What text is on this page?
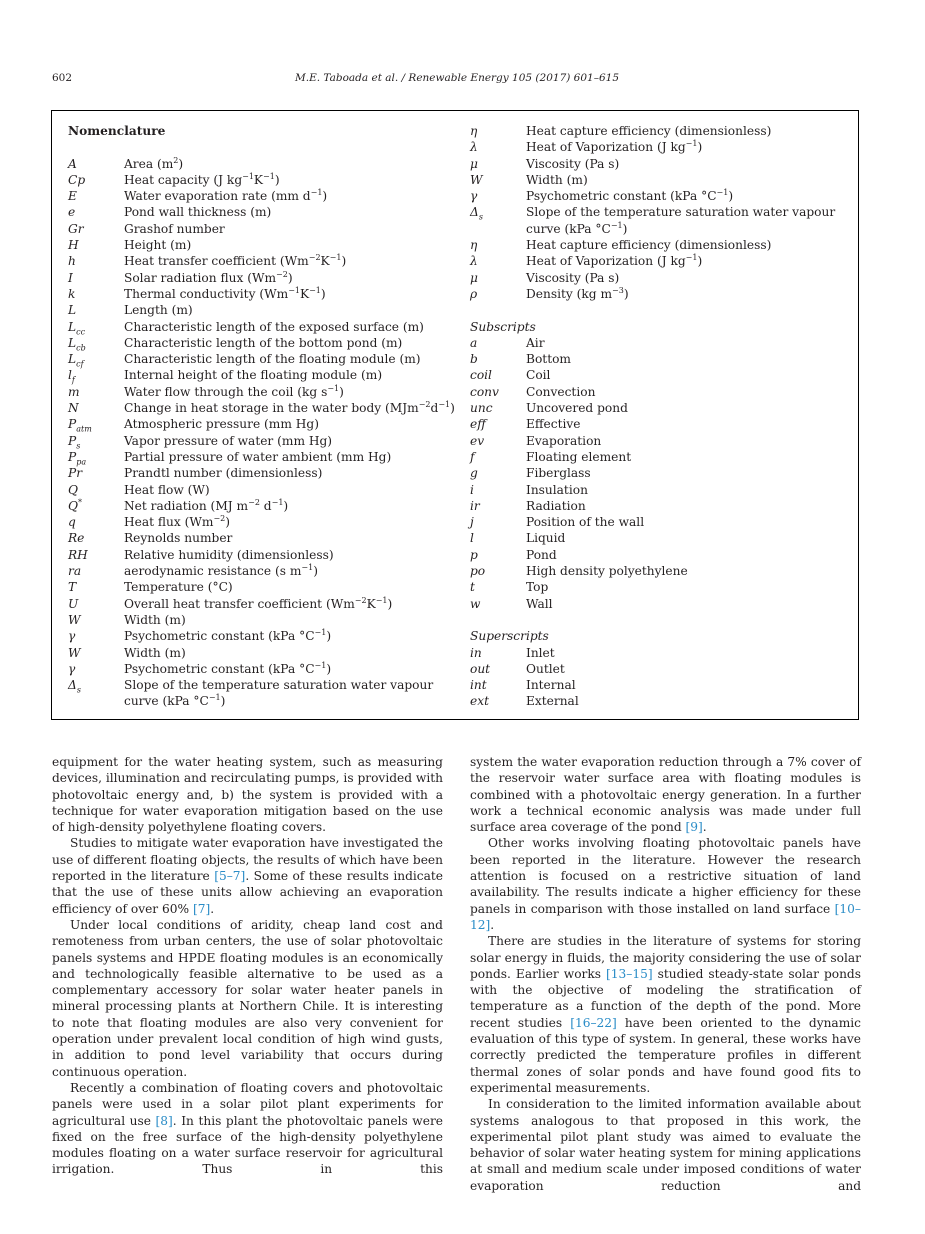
602	M.E. Taboada et al. / Renewable Energy 105 (2017) 601–615
Nomenclature
A	Area $(m^2)$
Cp	Heat capacity (J $kg^{-1}K^{-1}$)
E	Water evaporation rate (mm $d^{-1}$)
e	Pond wall thickness (m)
Gr	Grashof number
H	Height (m)
h	Heat transfer coefficient $(Wm^{-2}K^{-1})$
I	Solar radiation flux $(Wm^{-2})$
k	Thermal conductivity $(Wm^{-1}K^{-1})$
L	Length (m)
$L_{cc}$	Characteristic length of the exposed surface (m)
$L_{cb}$	Characteristic length of the bottom pond (m)
$L_{cf}$	Characteristic length of the floating module (m)
$l_f$	Internal height of the floating module (m)
m	Water flow through the coil (kg $s^{-1}$)
N	Change in heat storage in the water body $(MJm^{-2}d^{-1})$
$P_{atm}$	Atmospheric pressure (mm Hg)
$P_s$	Vapor pressure of water (mm Hg)
$P_{pa}$	Partial pressure of water ambient (mm Hg)
Pr	Prandtl number (dimensionless)
Q	Heat flow (W)
Q*	Net radiation (MJ $m^{-2}$ $d^{-1}$)
q	Heat flux $(Wm^{-2})$
Re	Reynolds number
RH	Relative humidity (dimensionless)
ra	aerodynamic resistance (s $m^{-1}$)
T	Temperature (°C)
U	Overall heat transfer coefficient $(Wm^{-2}K^{-1})$
W	Width (m)
γ	Psychometric constant (kPa $^\circ C^{-1}$)
W	Width (m)
γ	Psychometric constant (kPa $^\circ C^{-1}$)
$\Delta_s$	Slope of the temperature saturation water vapour
curve (kPa $^\circ C^{-1}$)
η	Heat capture efficiency (dimensionless)
λ	Heat of Vaporization (J $kg^{-1}$)
μ	Viscosity (Pa s)
W	Width (m)
γ	Psychometric constant (kPa $^\circ C^{-1}$)
$\Delta_s$	Slope of the temperature saturation water vapour
curve (kPa $^\circ C^{-1}$)
η	Heat capture efficiency (dimensionless)
λ	Heat of Vaporization (J $kg^{-1}$)
μ	Viscosity (Pa s)
ρ	Density (kg $m^{-3}$)
Subscripts
a	Air
b	Bottom
coil	Coil
conv	Convection
unc	Uncovered pond
eff	Effective
ev	Evaporation
f	Floating element
g	Fiberglass
i	Insulation
ir	Radiation
j	Position of the wall
l	Liquid
p	Pond
po	High density polyethylene
t	Top
w	Wall
Superscripts
in	Inlet
out	Outlet
int	Internal
ext	External

equipment for the water heating system, such as measuring devices, illumination and recirculating pumps, is provided with photovoltaic energy and, b) the system is provided with a technique for water evaporation mitigation based on the use of high-density polyethylene floating covers.

Studies to mitigate water evaporation have investigated the use of different floating objects, the results of which have been reported in the literature [5–7]. Some of these results indicate that the use of these units allow achieving an evaporation efficiency of over 60% [7].

Under local conditions of aridity, cheap land cost and remoteness from urban centers, the use of solar photovoltaic panels systems and HPDE floating modules is an economically and technologically feasible alternative to be used as a complementary accessory for solar water heater panels in mineral processing plants at Northern Chile. It is interesting to note that floating modules are also very convenient for operation under prevalent local condition of high wind gusts, in addition to pond level variability that occurs during continuous operation.

Recently a combination of floating covers and photovoltaic panels were used in a solar pilot plant experiments for agricultural use [8]. In this plant the photovoltaic panels were fixed on the free surface of the high-density polyethylene modules floating on a water surface reservoir for agricultural irrigation. Thus in this

system the water evaporation reduction through a 7% cover of the reservoir water surface area with floating modules is combined with a photovoltaic energy generation. In a further work a technical economic analysis was made under full surface area coverage of the pond [9].

Other works involving floating photovoltaic panels have been reported in the literature. However the research attention is focused on a restrictive situation of land availability. The results indicate a higher efficiency for these panels in comparison with those installed on land surface [10–12].

There are studies in the literature of systems for storing solar energy in fluids, the majority considering the use of solar ponds. Earlier works [13–15] studied steady-state solar ponds with the objective of modeling the stratification of temperature as a function of the depth of the pond. More recent studies [16–22] have been oriented to the dynamic evaluation of this type of system. In general, these works have correctly predicted the temperature profiles in different thermal zones of solar ponds and have found good fits to experimental measurements.

In consideration to the limited information available about systems analogous to that proposed in this work, the experimental pilot plant study was aimed to evaluate the behavior of solar water heating system for mining applications at small and medium scale under imposed conditions of water evaporation reduction and
